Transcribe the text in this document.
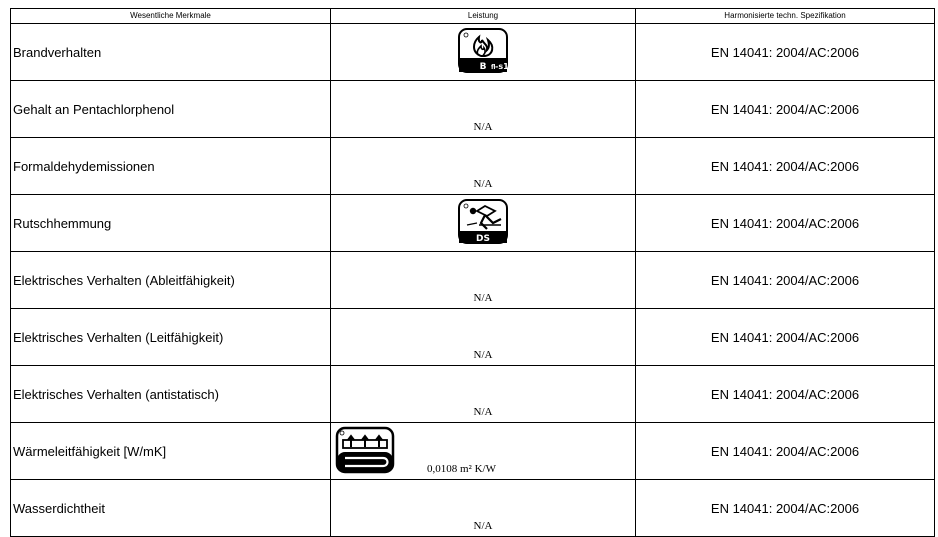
Wesentliche Merkmale	Leistung	Harmonisierte techn. Spezifikation
Brandverhalten	B fl -s1	EN 14041: 2004/AC:2006
Gehalt an Pentachlorphenol	N/A	EN 14041: 2004/AC:2006
Formaldehydemissionen	N/A	EN 14041: 2004/AC:2006
Rutschhemmung	DS	EN 14041: 2004/AC:2006
Elektrisches Verhalten (Ableitfähigkeit)	N/A	EN 14041: 2004/AC:2006
Elektrisches Verhalten (Leitfähigkeit)	N/A	EN 14041: 2004/AC:2006
Elektrisches Verhalten (antistatisch)	N/A	EN 14041: 2004/AC:2006
Wärmeleitfähigkeit [W/mK]	0,0108 m² K/W	EN 14041: 2004/AC:2006
Wasserdichtheit	N/A	EN 14041: 2004/AC:2006
